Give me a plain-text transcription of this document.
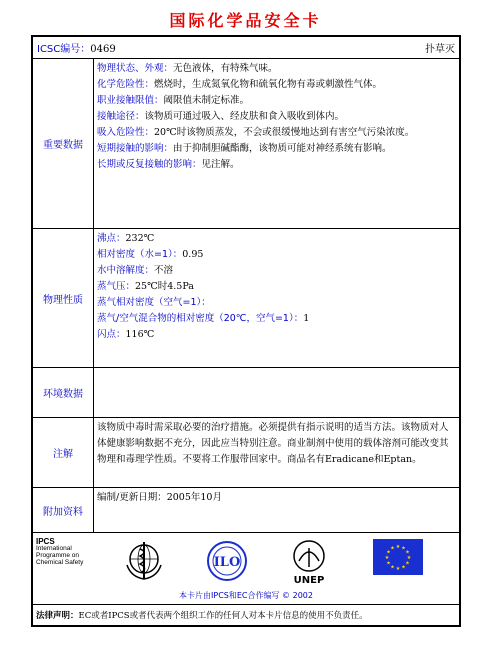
国际化学品安全卡
ICSC编号：0469	扑草灭
重要数据
物理状态、外观：无色液体，有特殊气味。
化学危险性：燃烧时，生成氮氧化物和硫氧化物有毒或刺激性气体。
职业接触限值：阈限值未制定标准。
接触途径：该物质可通过吸入、经皮肤和食入吸收到体内。
吸入危险性：20℃时该物质蒸发，不会或很缓慢地达到有害空气污染浓度。
短期接触的影响：由于抑制胆碱酯酶，该物质可能对神经系统有影响。
长期或反复接触的影响：见注解。
物理性质
沸点：232℃
相对密度（水=1）：0.95
水中溶解度：不溶
蒸气压：25℃时4.5Pa
蒸气相对密度（空气=1）：
蒸气/空气混合物的相对密度（20℃，空气=1）：1
闪点：116℃
环境数据
注解
该物质中毒时需采取必要的治疗措施。必须提供有指示说明的适当方法。该物质对人体健康影响数据不充分，因此应当特别注意。商业制剂中使用的载体溶剂可能改变其物理和毒理学性质。不要将工作服带回家中。商品名有Eradicane和Eptan。
附加资料
编制/更新日期：2005年10月
IPCS
International
Programme on
Chemical Safety	ILO
UNEP
★ ★
★
★
★
★
★
★
★
★
★
★
本卡片由IPCS和EC合作编写 © 2002
法律声明： EC或者IPCS或者代表两个组织工作的任何人对本卡片信息的使用不负责任。
